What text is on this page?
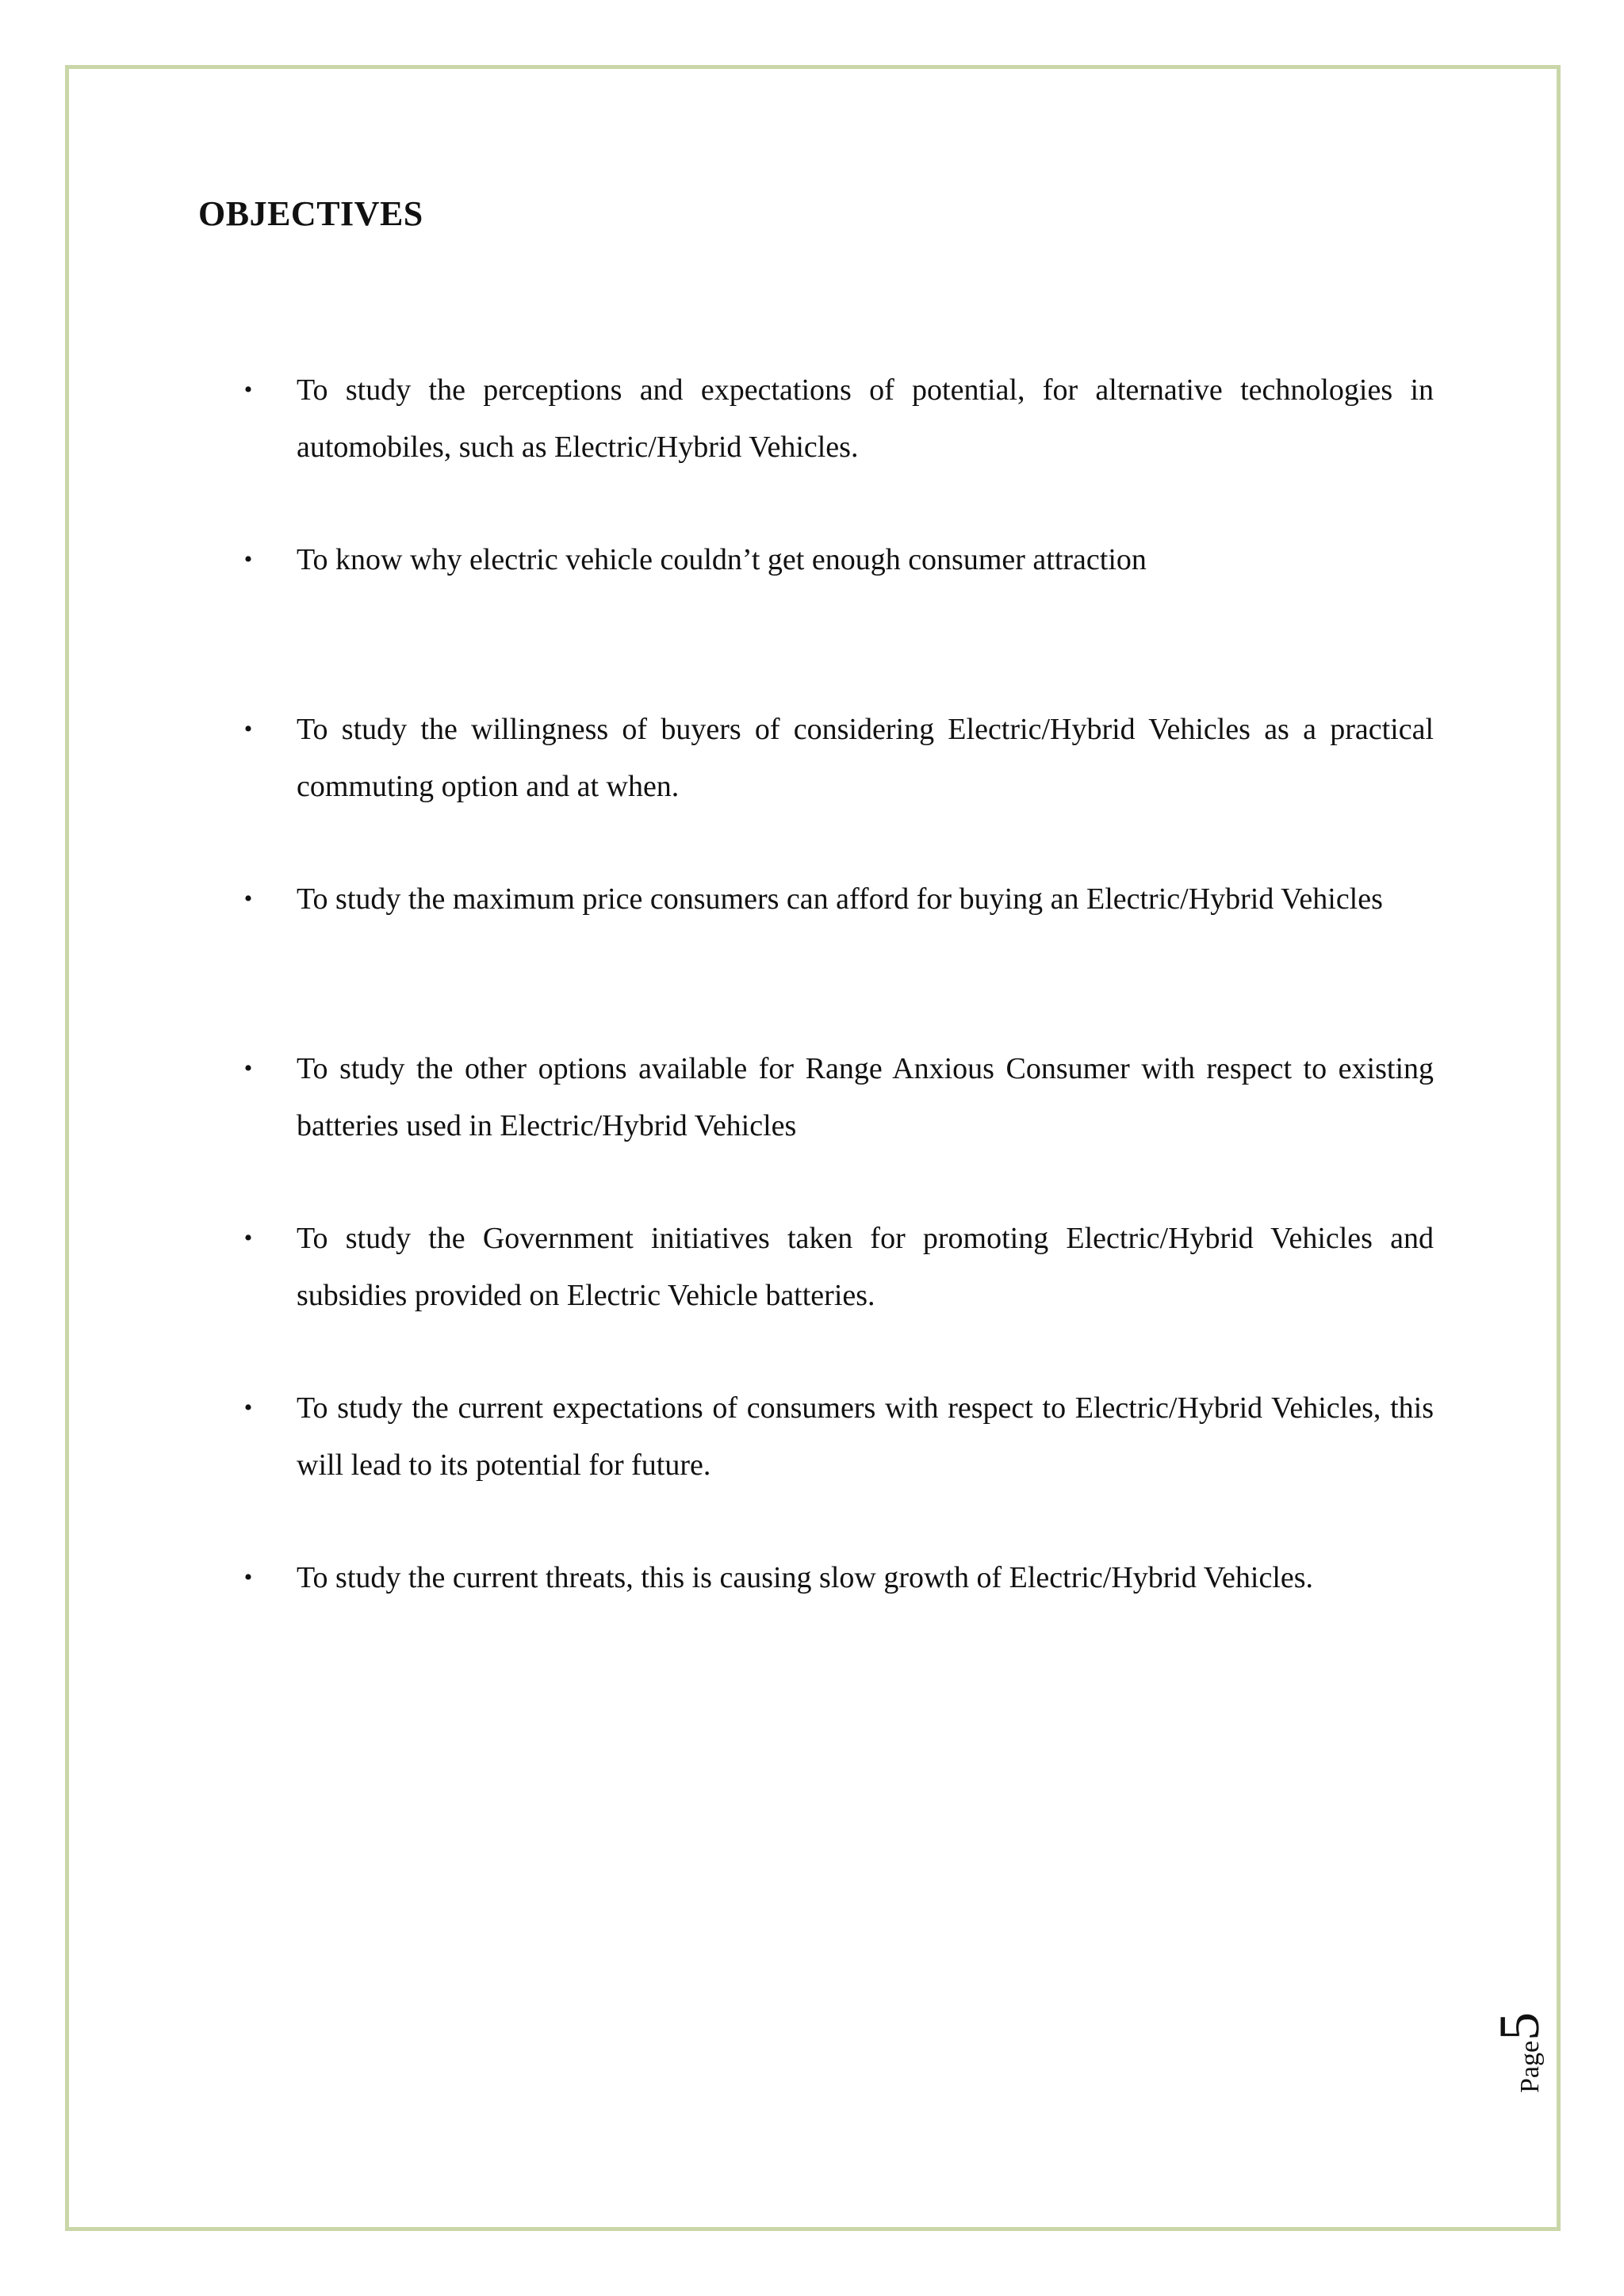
OBJECTIVES
• To study the perceptions and expectations of potential, for alternative technologies in automobiles, such as Electric/Hybrid Vehicles.
• To know why electric vehicle couldn’t get enough consumer attraction
• To study the willingness of buyers of considering Electric/Hybrid Vehicles as a practical commuting option and at when.
• To study the maximum price consumers can afford for buying an Electric/Hybrid Vehicles
• To study the other options available for Range Anxious Consumer with respect to existing batteries used in Electric/Hybrid Vehicles
• To study the Government initiatives taken for promoting Electric/Hybrid Vehicles and subsidies provided on Electric Vehicle batteries.
• To study the current expectations of consumers with respect to Electric/Hybrid Vehicles, this will lead to its potential for future.
• To study the current threats, this is causing slow growth of Electric/Hybrid Vehicles.
Page5
